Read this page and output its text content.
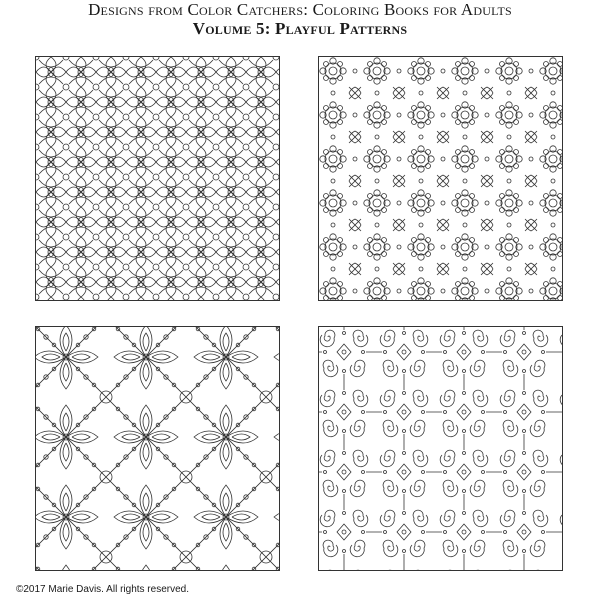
Designs from Color Catchers: Coloring Books for Adults
Volume 5: Playful Patterns
©2017 Marie Davis. All rights reserved.
